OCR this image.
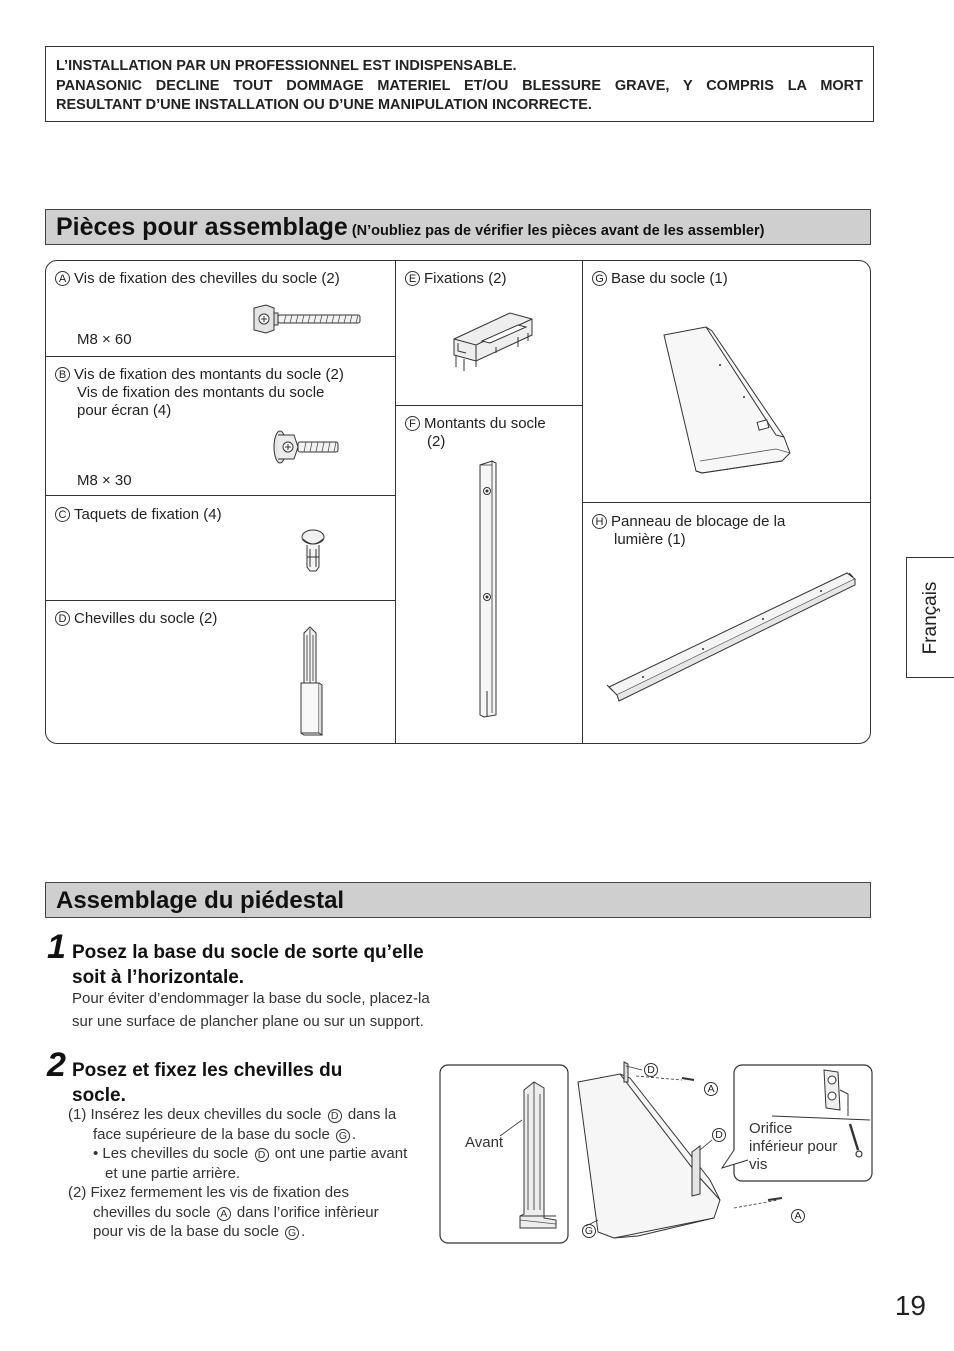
L’INSTALLATION PAR UN PROFESSIONNEL EST INDISPENSABLE.
PANASONIC DECLINE TOUT DOMMAGE MATERIEL ET/OU BLESSURE GRAVE, Y COMPRIS LA MORT
RESULTANT D’UNE INSTALLATION OU D’UNE MANIPULATION INCORRECTE.
Pièces pour assemblage (N’oubliez pas de vérifier les pièces avant de les assembler)
A Vis de fixation des chevilles du socle (2)
M8 × 60
B Vis de fixation des montants du socle (2)
Vis de fixation des montants du socle
pour écran (4)
M8 × 30
C Taquets de fixation (4)
D Chevilles du socle (2)
E Fixations (2)
F Montants du socle
(2)
G Base du socle (1)
H Panneau de blocage de la
lumière (1)
Assemblage du piédestal
1 Posez la base du socle de sorte qu’elle
soit à l’horizontale.
Pour éviter d’endommager la base du socle, placez-la
sur une surface de plancher plane ou sur un support.
2 Posez et fixez les chevilles du
socle.
(1) Insérez les deux chevilles du socle D dans la
face supérieure de la base du socle G .
• Les chevilles du socle D ont une partie avant
et une partie arrière.
(2) Fixez fermement les vis de fixation des
chevilles du socle A dans l’orifice infèrieur
pour vis de la base du socle G .
Avant
Orifice
inférieur pour
vis
D
A
D
A
G
Français
19
